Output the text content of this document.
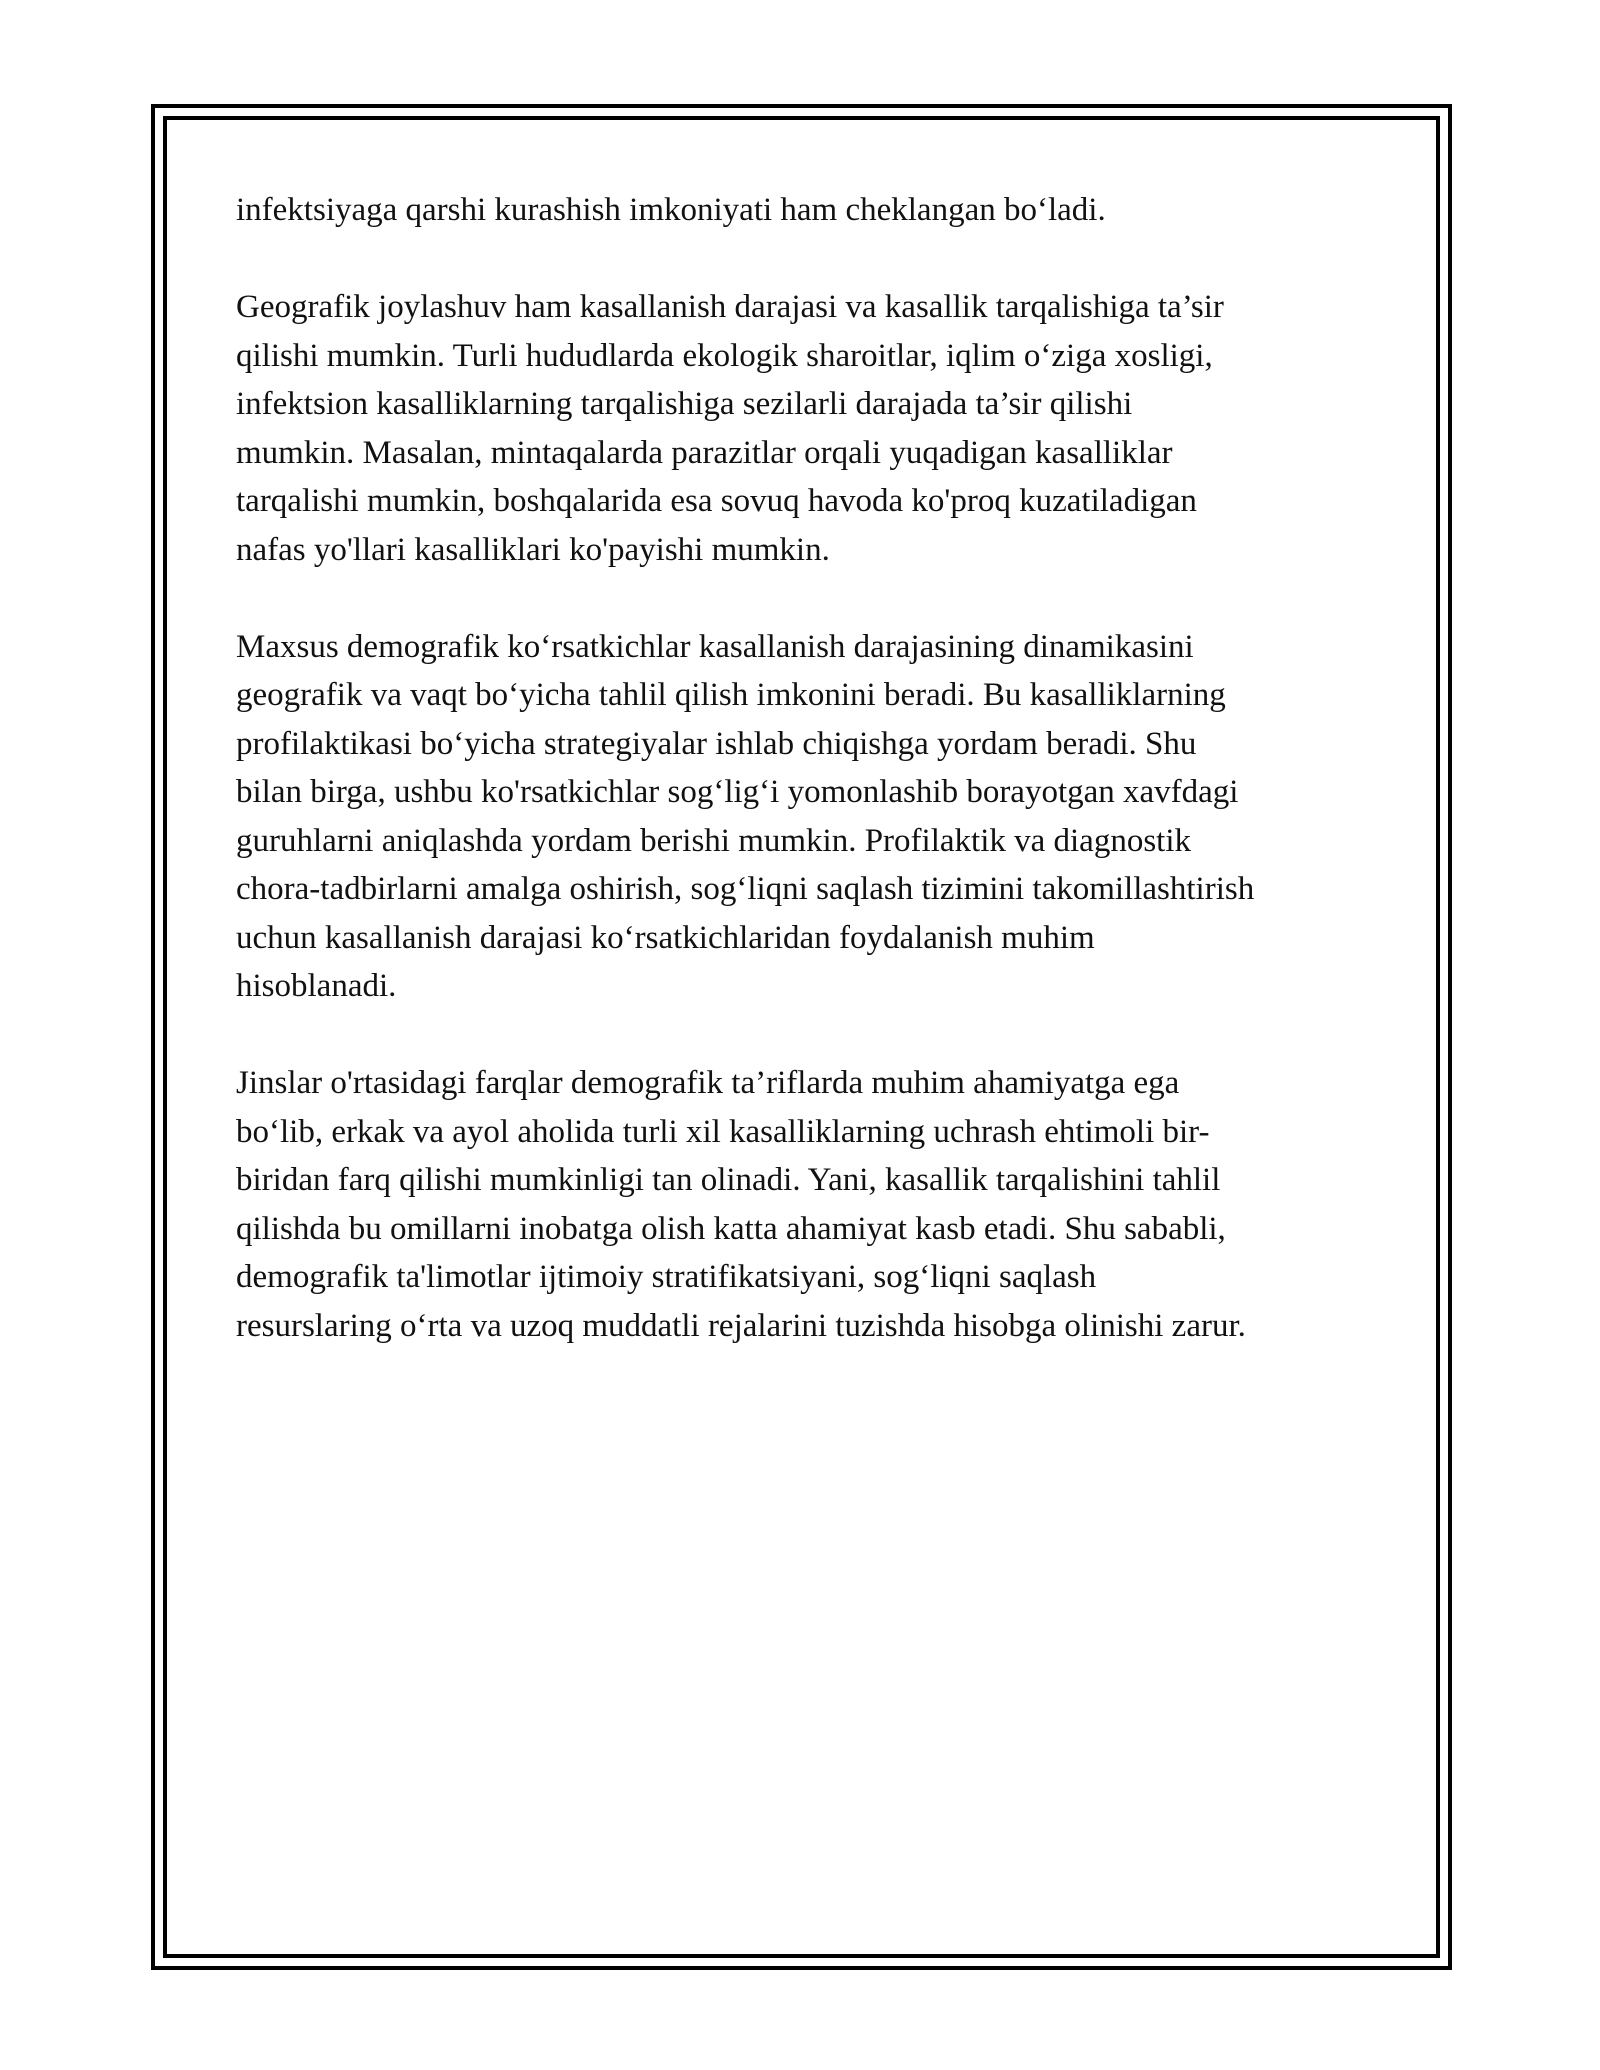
infektsiyaga qarshi kurashish imkoniyati ham cheklangan bo‘ladi.
Geografik joylashuv ham kasallanish darajasi va kasallik tarqalishiga ta’sir
qilishi mumkin. Turli hududlarda ekologik sharoitlar, iqlim o‘ziga xosligi,
infektsion kasalliklarning tarqalishiga sezilarli darajada ta’sir qilishi
mumkin. Masalan, mintaqalarda parazitlar orqali yuqadigan kasalliklar
tarqalishi mumkin, boshqalarida esa sovuq havoda ko'proq kuzatiladigan
nafas yo'llari kasalliklari ko'payishi mumkin.
Maxsus demografik ko‘rsatkichlar kasallanish darajasining dinamikasini
geografik va vaqt bo‘yicha tahlil qilish imkonini beradi. Bu kasalliklarning
profilaktikasi bo‘yicha strategiyalar ishlab chiqishga yordam beradi. Shu
bilan birga, ushbu ko'rsatkichlar sog‘lig‘i yomonlashib borayotgan xavfdagi
guruhlarni aniqlashda yordam berishi mumkin. Profilaktik va diagnostik
chora-tadbirlarni amalga oshirish, sog‘liqni saqlash tizimini takomillashtirish
uchun kasallanish darajasi ko‘rsatkichlaridan foydalanish muhim
hisoblanadi.
Jinslar o'rtasidagi farqlar demografik ta’riflarda muhim ahamiyatga ega
bo‘lib, erkak va ayol aholida turli xil kasalliklarning uchrash ehtimoli bir-
biridan farq qilishi mumkinligi tan olinadi. Yani, kasallik tarqalishini tahlil
qilishda bu omillarni inobatga olish katta ahamiyat kasb etadi. Shu sababli,
demografik ta'limotlar ijtimoiy stratifikatsiyani, sog‘liqni saqlash
resurslaring o‘rta va uzoq muddatli rejalarini tuzishda hisobga olinishi zarur.
